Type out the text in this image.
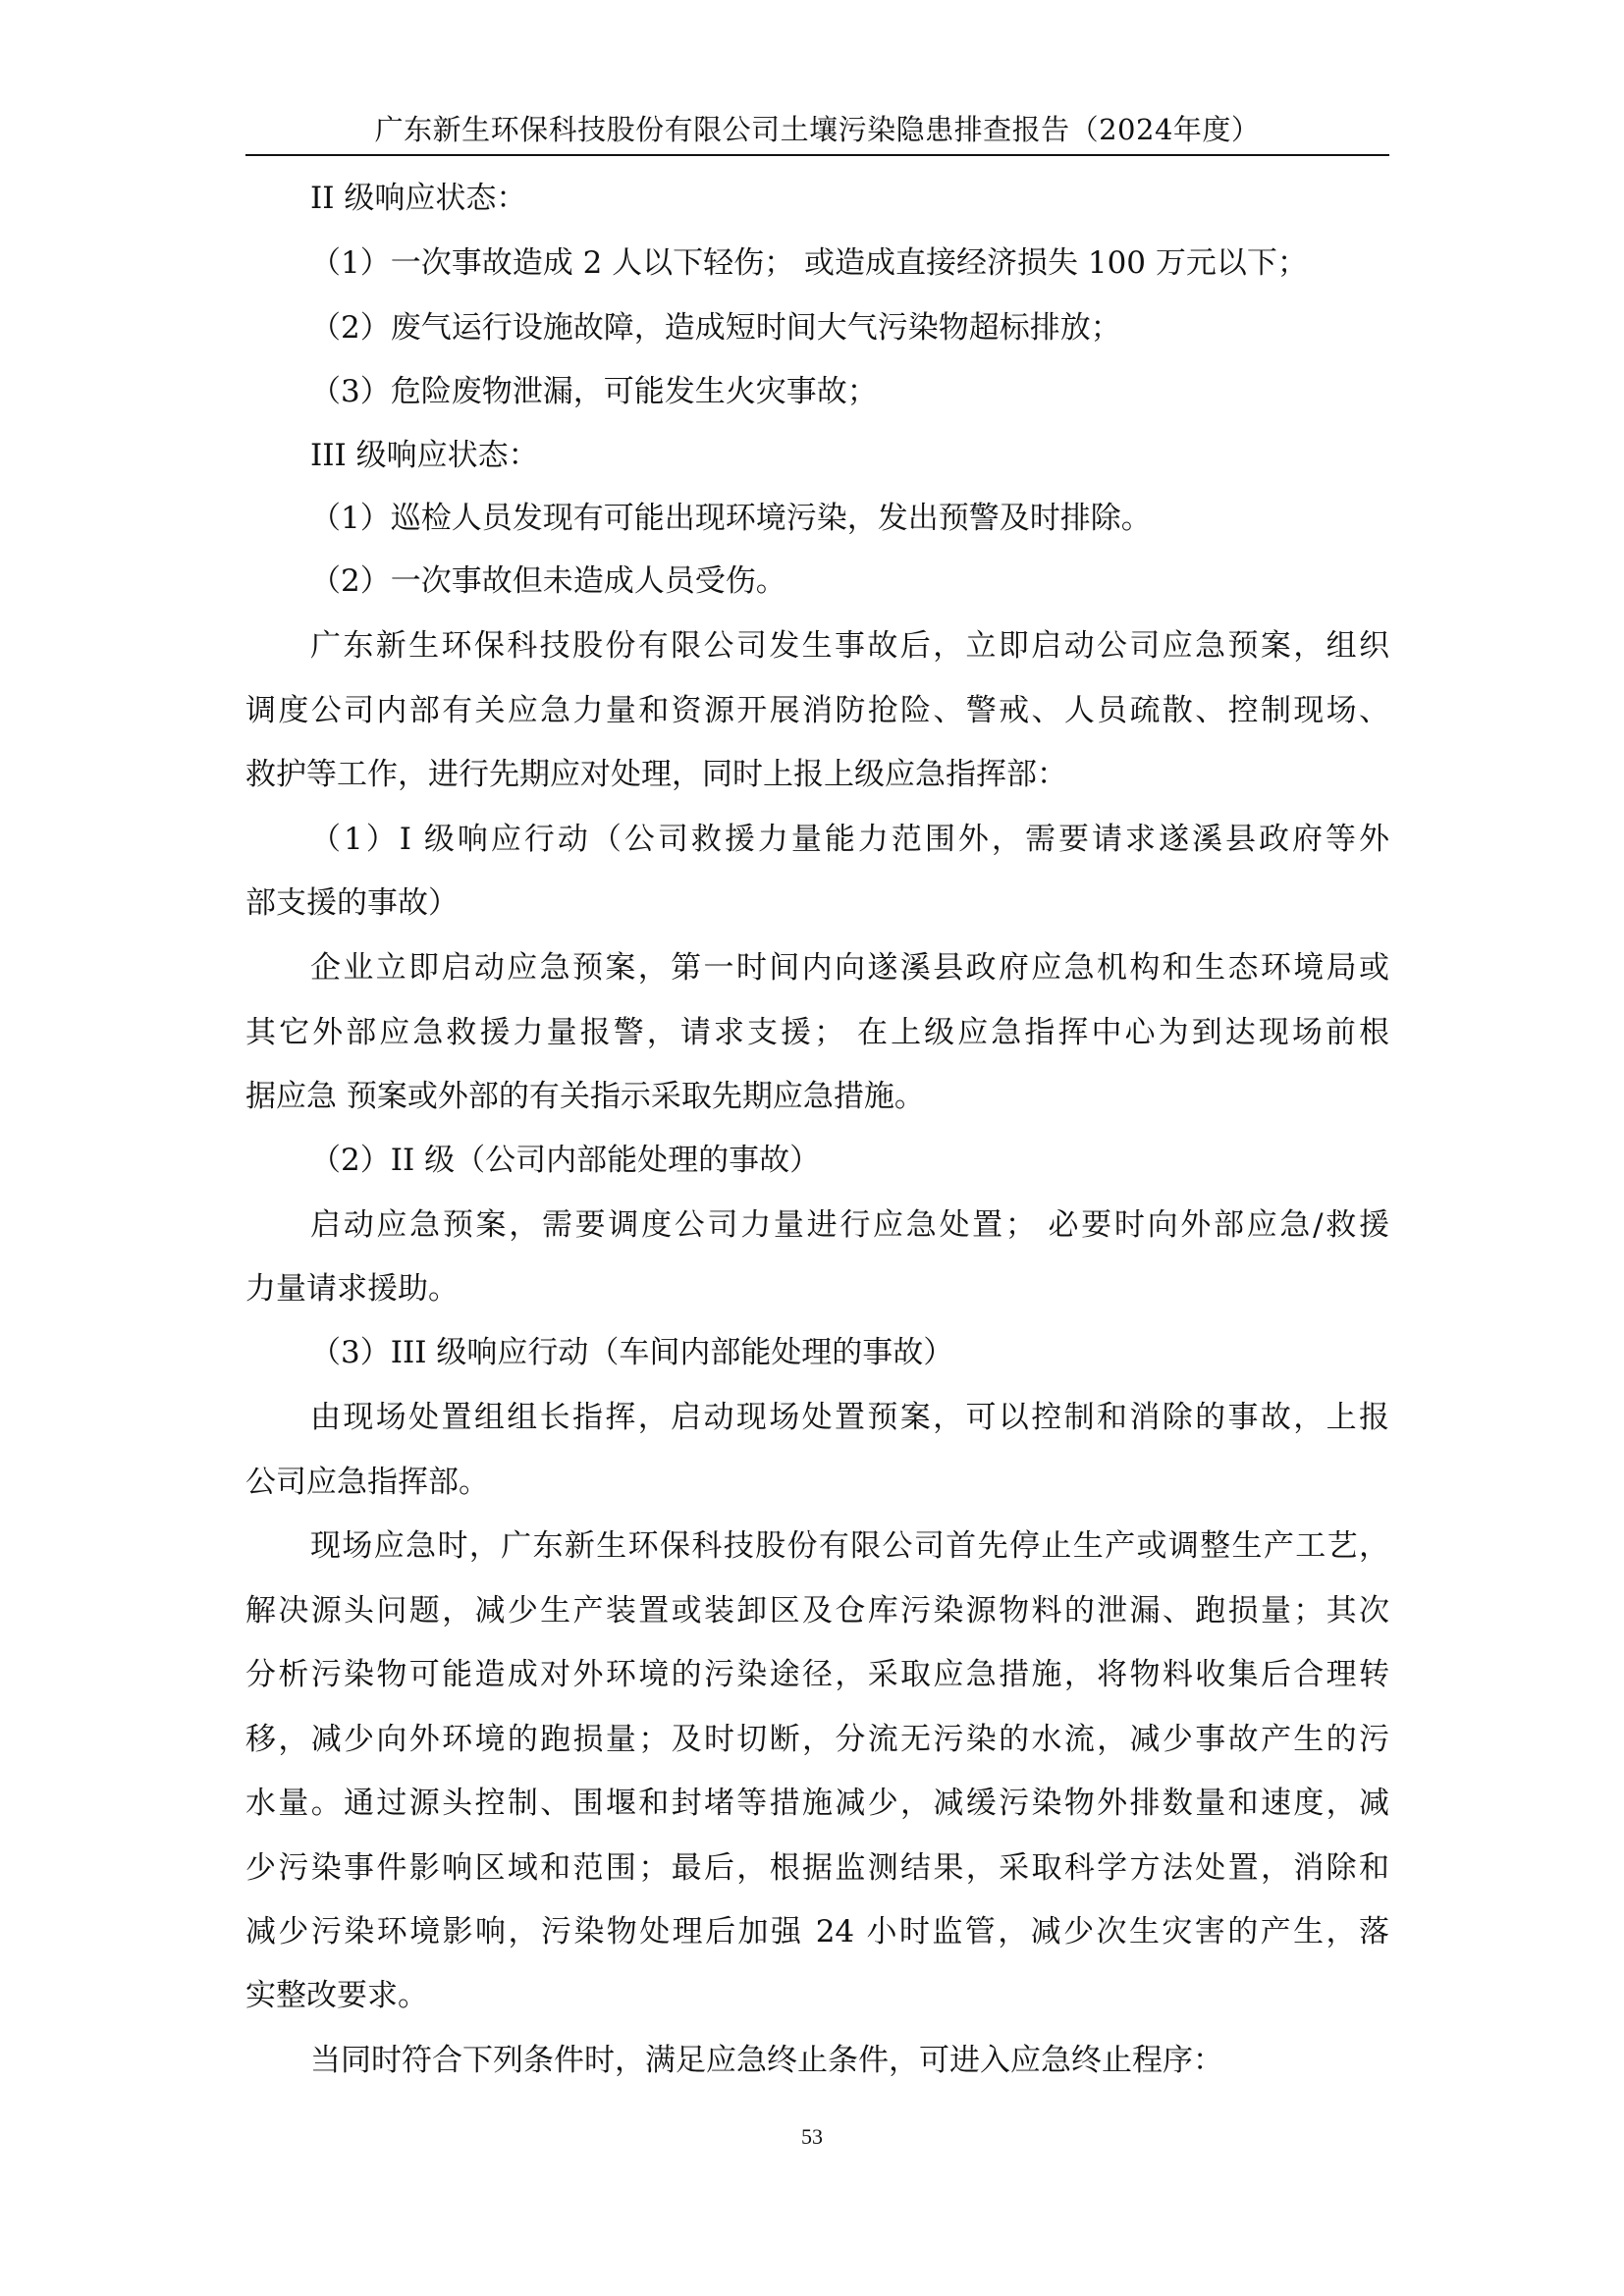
广东新生环保科技股份有限公司土壤污染隐患排查报告（2024年度）
II 级响应状态：
（1）一次事故造成 2 人以下轻伤； 或造成直接经济损失 100 万元以下；
（2）废气运行设施故障，造成短时间大气污染物超标排放；
（3）危险废物泄漏，可能发生火灾事故；
III 级响应状态：
（1）巡检人员发现有可能出现环境污染，发出预警及时排除。
（2）一次事故但未造成人员受伤。
广东新生环保科技股份有限公司发生事故后，立即启动公司应急预案，组织
调度公司内部有关应急力量和资源开展消防抢险、警戒、人员疏散、控制现场、
救护等工作，进行先期应对处理，同时上报上级应急指挥部：
（1）I 级响应行动（公司救援力量能力范围外，需要请求遂溪县政府等外
部支援的事故）
企业立即启动应急预案，第一时间内向遂溪县政府应急机构和生态环境局或
其它外部应急救援力量报警，请求支援； 在上级应急指挥中心为到达现场前根
据应急 预案或外部的有关指示采取先期应急措施。
（2）II 级（公司内部能处理的事故）
启动应急预案，需要调度公司力量进行应急处置； 必要时向外部应急/救援
力量请求援助。
（3）III 级响应行动（车间内部能处理的事故）
由现场处置组组长指挥，启动现场处置预案，可以控制和消除的事故，上报
公司应急指挥部。
现场应急时，广东新生环保科技股份有限公司首先停止生产或调整生产工艺，
解决源头问题，减少生产装置或装卸区及仓库污染源物料的泄漏、跑损量；其次
分析污染物可能造成对外环境的污染途径，采取应急措施，将物料收集后合理转
移，减少向外环境的跑损量；及时切断，分流无污染的水流，减少事故产生的污
水量。通过源头控制、围堰和封堵等措施减少，减缓污染物外排数量和速度，减
少污染事件影响区域和范围；最后，根据监测结果，采取科学方法处置，消除和
减少污染环境影响，污染物处理后加强 24 小时监管，减少次生灾害的产生，落
实整改要求。
当同时符合下列条件时，满足应急终止条件，可进入应急终止程序：
53
